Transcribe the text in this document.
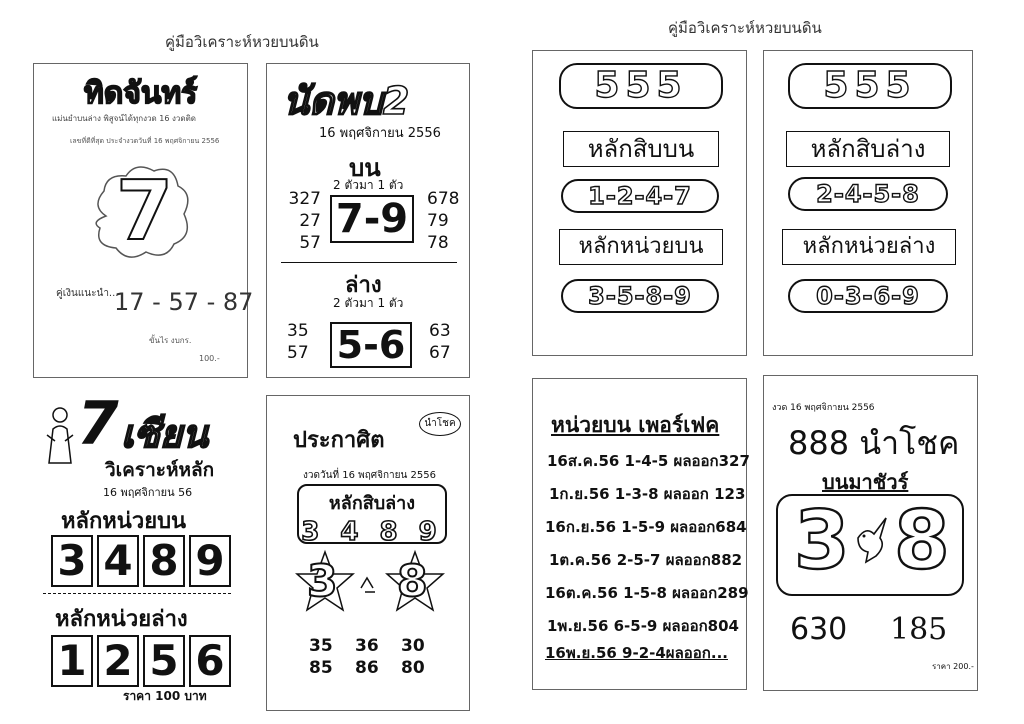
คู่มือวิเคราะห์หวยบนดิน
คู่มือวิเคราะห์หวยบนดิน
ทิดจันทร์
แม่นยำบนล่าง พิสูจน์ได้ทุกงวด 16 งวดติด
เลขที่ดีที่สุด ประจำงวดวันที่ 16 พฤศจิกายน 2556
7
คู่เงินแนะนำ...
17 - 57 - 87
ขั้นไร งบกร.
100.-
นัดพบ2
16 พฤศจิกายน 2556
บน
2 ตัวมา 1 ตัว
327
27
57
7-9	678
79
78
ล่าง
2 ตัวมา 1 ตัว
35
57 5-6	63
67
7 เซียน
วิเคราะห์หลัก
16 พฤศจิกายน 56
หลักหน่วยบน
3 4 8 9
หลักหน่วยล่าง
1 2 5 6
ราคา 100 บาท
ประกาศิต
นำโชค
งวดวันที่ 16 พฤศจิกายน 2556
หลักสิบล่าง
3 4 8 9
3 8
35 36 30
85 86 80
555
หลักสิบบน
1-2-4-7
หลักหน่วยบน
3-5-8-9
555
หลักสิบล่าง
2-4-5-8
หลักหน่วยล่าง
0-3-6-9
หน่วยบน เพอร์เฟค
16ส.ค.56 1-4-5 ผลออก327
1ก.ย.56 1-3-8 ผลออก 123
16ก.ย.56 1-5-9 ผลออก684
1ต.ค.56 2-5-7 ผลออก882
16ต.ค.56 1-5-8 ผลออก289
1พ.ย.56 6-5-9 ผลออก804
16พ.ย.56 9-2-4ผลออก...
งวด 16 พฤศจิกายน 2556
888 นำโชค
บนมาชัวร์
3 8
630 185
ราคา 200.-
